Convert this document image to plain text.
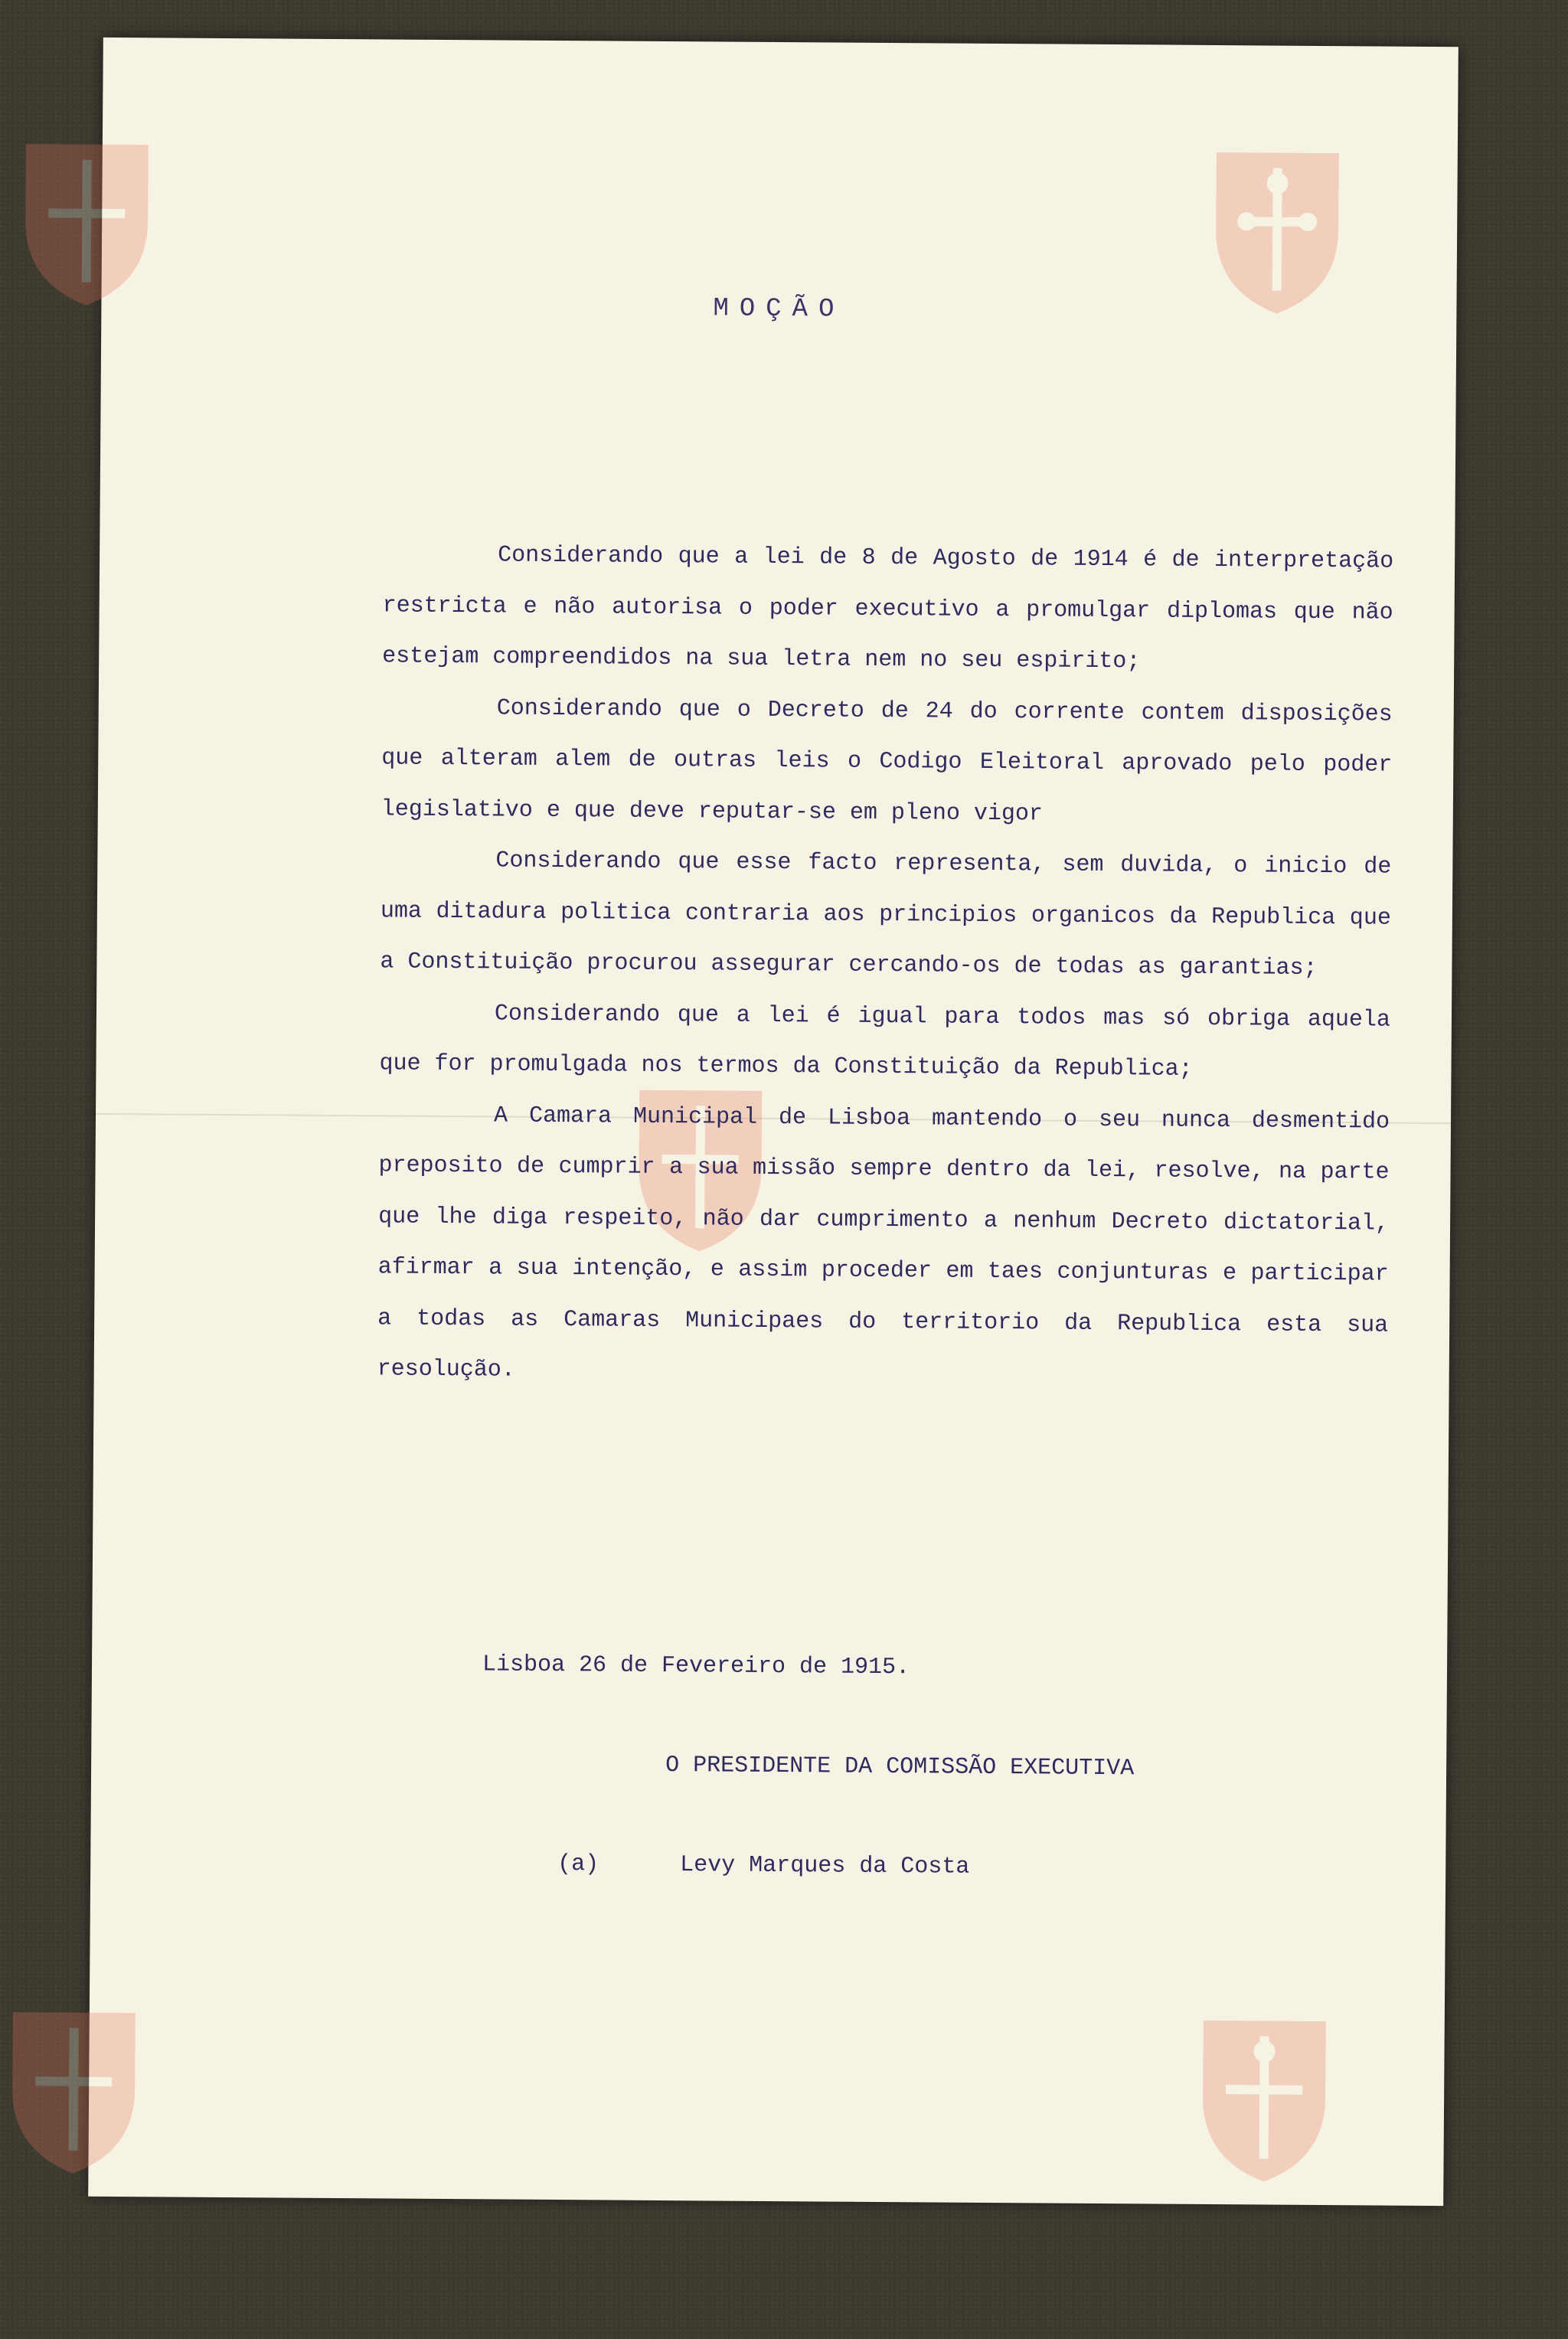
MOÇÃO

Considerando que a lei de 8 de Agosto de 1914 é de interpretação restricta e não autorisa o poder executivo a promulgar diplomas que não estejam compreendidos na sua letra nem no seu espirito;

Considerando que o Decreto de 24 do corrente contem disposições que alteram alem de outras leis o Codigo Eleitoral aprovado pelo poder legislativo e que deve reputar-se em pleno vigor

Considerando que esse facto representa, sem duvida, o inicio de uma ditadura politica contraria aos principios organicos da Republica que a Constituição procurou assegurar cercando-os de todas as garantias;

Considerando que a lei é igual para todos mas só obriga aquela que for promulgada nos termos da Constituição da Republica;

A Camara Municipal de Lisboa mantendo o seu nunca desmentido preposito de cumprir a sua missão sempre dentro da lei, resolve, na parte que lhe diga respeito, não dar cumprimento a nenhum Decreto dictatorial, afirmar a sua intenção, e assim proceder em taes conjunturas e participar a todas as Camaras Municipaes do territorio da Republica esta sua resolução.

Lisboa 26 de Fevereiro de 1915.
O PRESIDENTE DA COMISSÃO EXECUTIVA
(a)	Levy Marques da Costa
